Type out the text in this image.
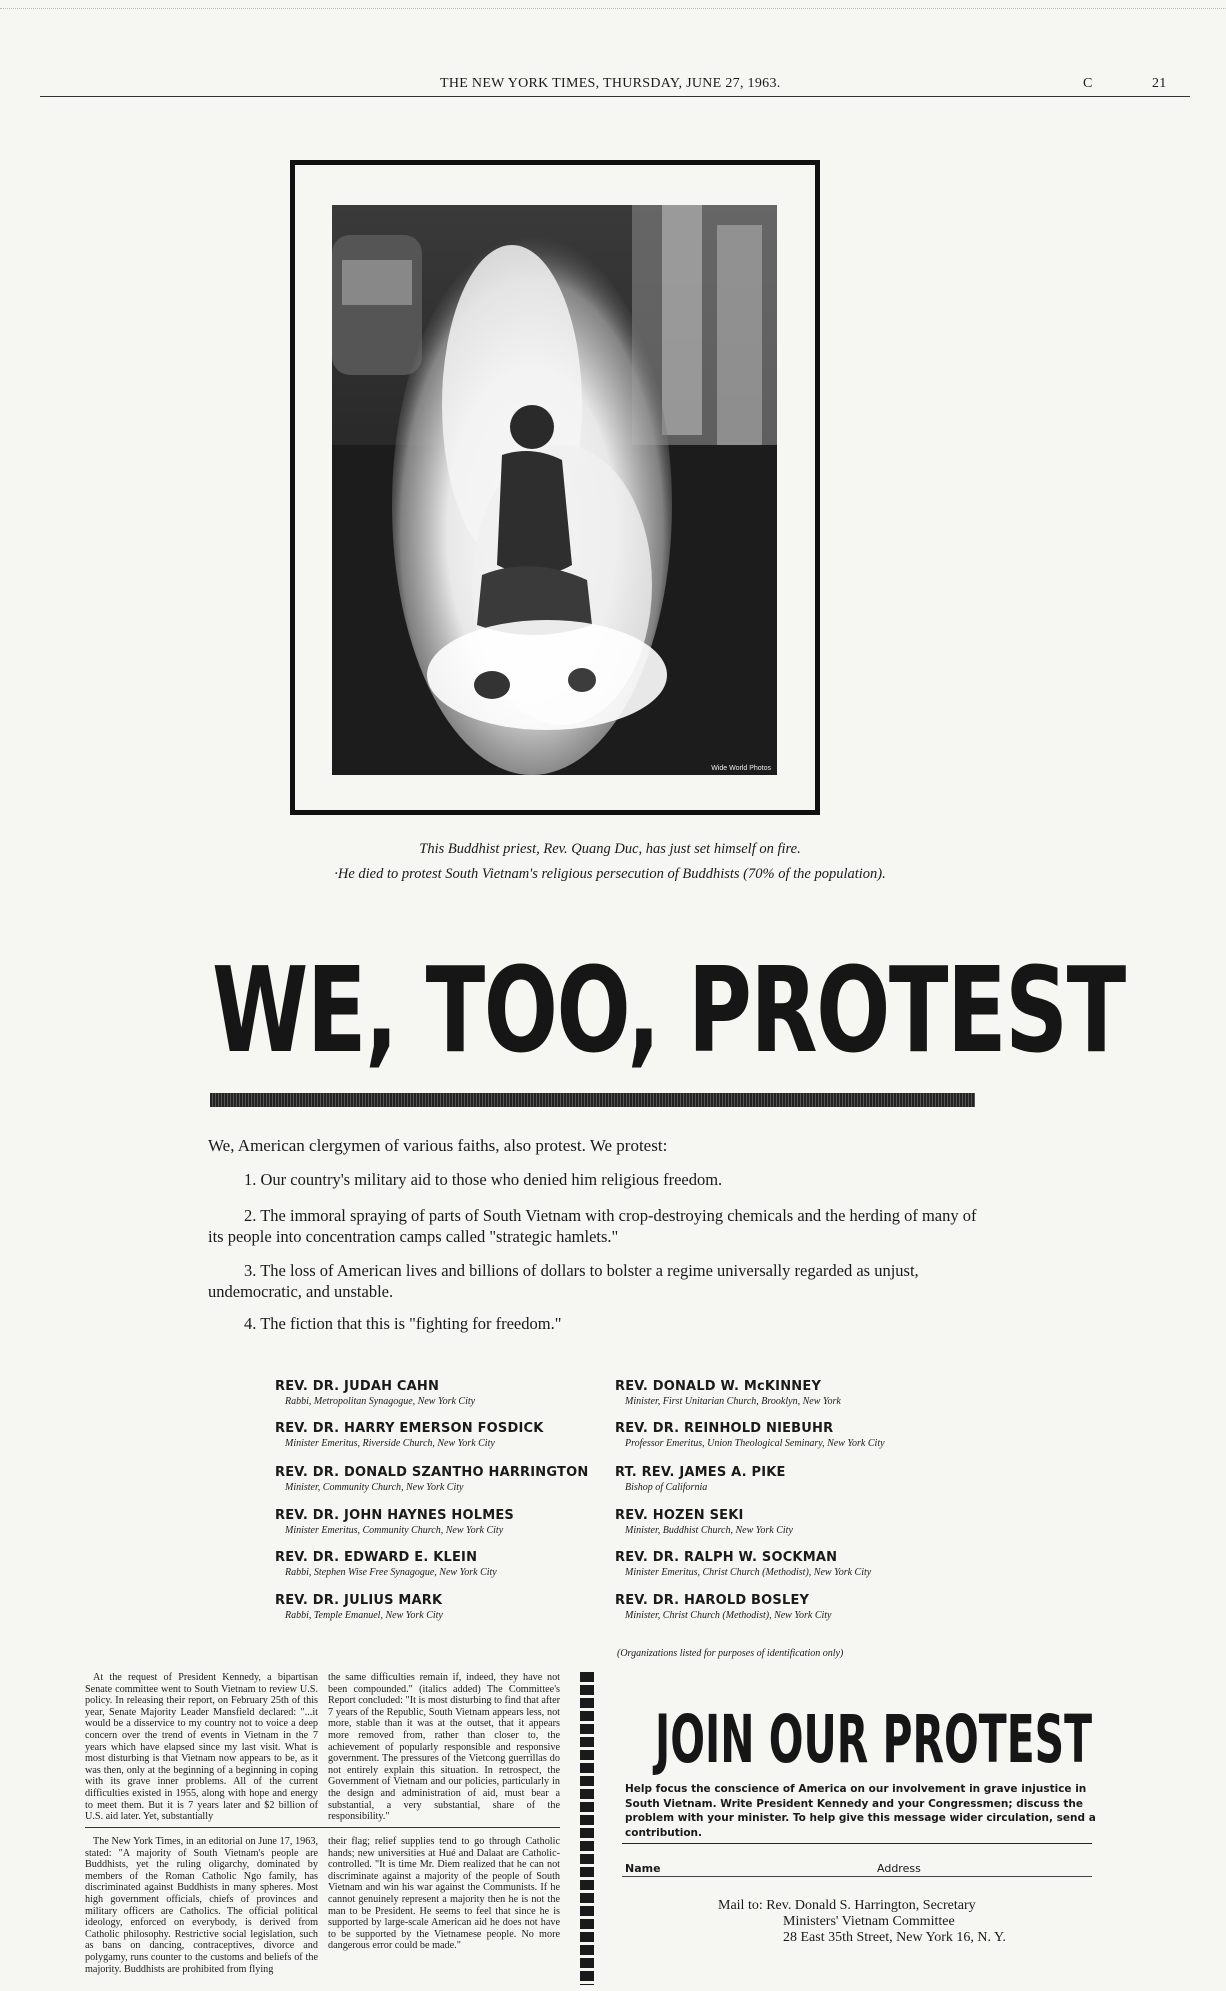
THE NEW YORK TIMES, THURSDAY, JUNE 27, 1963.	C	21
Wide World Photos
This Buddhist priest, Rev. Quang Duc, has just set himself on fire.
·He died to protest South Vietnam's religious persecution of Buddhists (70% of the population).
WE, TOO, PROTEST
We, American clergymen of various faiths, also protest. We protest:
1. Our country's military aid to those who denied him religious freedom.
2. The immoral spraying of parts of South Vietnam with crop-destroying chemicals and the herding of many of its people into concentration camps called "strategic hamlets."
3. The loss of American lives and billions of dollars to bolster a regime universally regarded as unjust, undemocratic, and unstable.
4. The fiction that this is "fighting for freedom."
REV. DR. JUDAH CAHN
Rabbi, Metropolitan Synagogue, New York City
REV. DR. HARRY EMERSON FOSDICK
Minister Emeritus, Riverside Church, New York City
REV. DR. DONALD SZANTHO HARRINGTON
Minister, Community Church, New York City
REV. DR. JOHN HAYNES HOLMES
Minister Emeritus, Community Church, New York City
REV. DR. EDWARD E. KLEIN
Rabbi, Stephen Wise Free Synagogue, New York City
REV. DR. JULIUS MARK
Rabbi, Temple Emanuel, New York City
REV. DONALD W. McKINNEY
Minister, First Unitarian Church, Brooklyn, New York
REV. DR. REINHOLD NIEBUHR
Professor Emeritus, Union Theological Seminary, New York City
RT. REV. JAMES A. PIKE
Bishop of California
REV. HOZEN SEKI
Minister, Buddhist Church, New York City
REV. DR. RALPH W. SOCKMAN
Minister Emeritus, Christ Church (Methodist), New York City
REV. DR. HAROLD BOSLEY
Minister, Christ Church (Methodist), New York City
(Organizations listed for purposes of identification only)
At the request of President Kennedy, a bipartisan Senate committee went to South Vietnam to review U.S. policy. In releasing their report, on February 25th of this year, Senate Majority Leader Mansfield declared: "...it would be a disservice to my country not to voice a deep concern over the trend of events in Vietnam in the 7 years which have elapsed since my last visit. What is most disturbing is that Vietnam now appears to be, as it was then, only at the beginning of a beginning in coping with its grave inner problems. All of the current difficulties existed in 1955, along with hope and energy to meet them. But it is 7 years later and $2 billion of U.S. aid later. Yet, substantially
the same difficulties remain if, indeed, they have not been compounded." (italics added) The Committee's Report concluded: "It is most disturbing to find that after 7 years of the Republic, South Vietnam appears less, not more, stable than it was at the outset, that it appears more removed from, rather than closer to, the achievement of popularly responsible and responsive government. The pressures of the Vietcong guerrillas do not entirely explain this situation. In retrospect, the Government of Vietnam and our policies, particularly in the design and administration of aid, must bear a substantial, a very substantial, share of the responsibility."
The New York Times, in an editorial on June 17, 1963, stated: "A majority of South Vietnam's people are Buddhists, yet the ruling oligarchy, dominated by members of the Roman Catholic Ngo family, has discriminated against Buddhists in many spheres. Most high government officials, chiefs of provinces and military officers are Catholics. The official political ideology, enforced on everybody, is derived from Catholic philosophy. Restrictive social legislation, such as bans on dancing, contraceptives, divorce and polygamy, runs counter to the customs and beliefs of the majority. Buddhists are prohibited from flying
their flag; relief supplies tend to go through Catholic hands; new universities at Hué and Dalaat are Catholic-controlled. "It is time Mr. Diem realized that he can not discriminate against a majority of the people of South Vietnam and win his war against the Communists. If he cannot genuinely represent a majority then he is not the man to be President. He seems to feel that since he is supported by large-scale American aid he does not have to be supported by the Vietnamese people. No more dangerous error could be made."
JOIN OUR PROTEST
Help focus the conscience of America on our involvement in grave injustice in South Vietnam. Write President Kennedy and your Congressmen; discuss the problem with your minister. To help give this message wider circulation, send a contribution.
Name	Address
Mail to: Rev. Donald S. Harrington, Secretary
Ministers' Vietnam Committee
28 East 35th Street, New York 16, N. Y.
